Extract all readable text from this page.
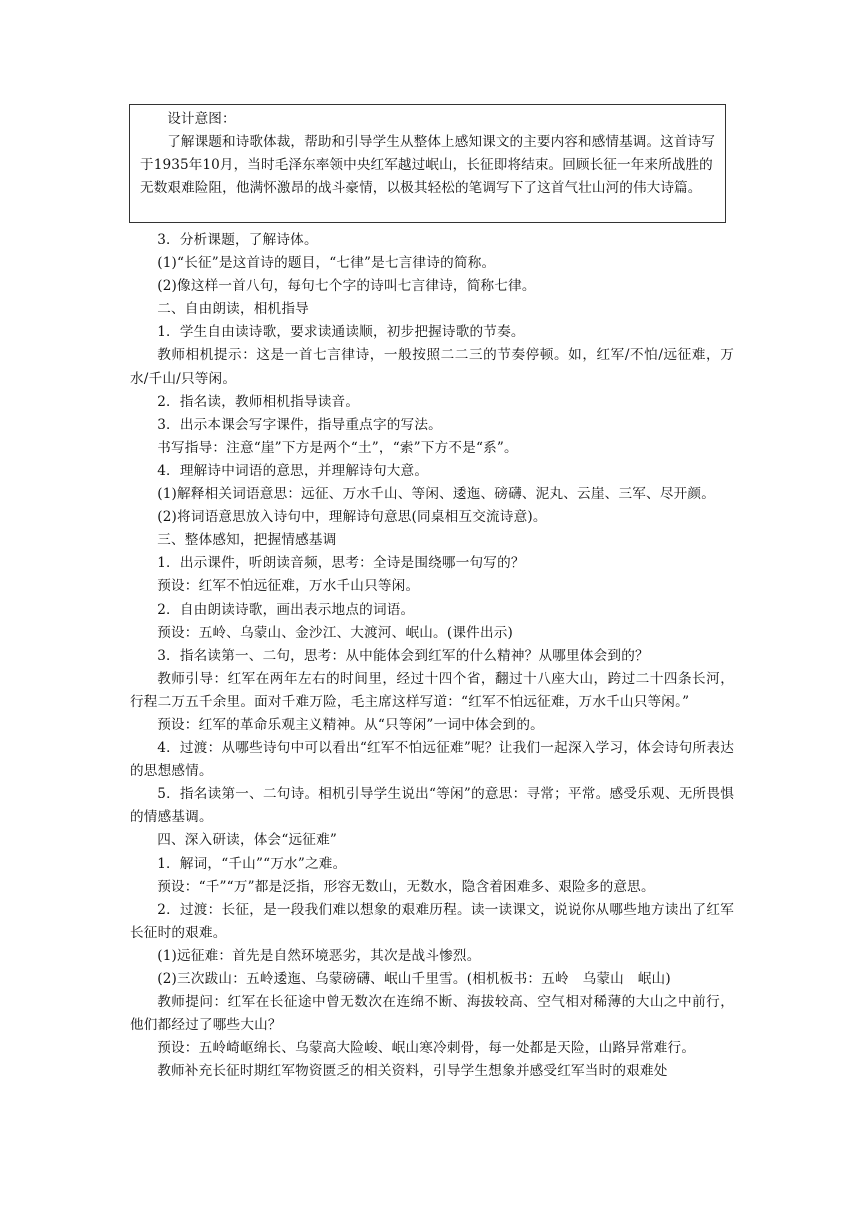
设计意图：

了解课题和诗歌体裁，帮助和引导学生从整体上感知课文的主要内容和感情基调。这首诗写于1935年10月，当时毛泽东率领中央红军越过岷山，长征即将结束。回顾长征一年来所战胜的无数艰难险阻，他满怀激昂的战斗豪情，以极其轻松的笔调写下了这首气壮山河的伟大诗篇。

3．分析课题，了解诗体。

(1)“长征”是这首诗的题目，“七律”是七言律诗的简称。

(2)像这样一首八句，每句七个字的诗叫七言律诗，简称七律。

二、自由朗读，相机指导

1．学生自由读诗歌，要求读通读顺，初步把握诗歌的节奏。

教师相机提示：这是一首七言律诗，一般按照二二三的节奏停顿。如，红军/不怕/远征难，万水/千山/只等闲。

2．指名读，教师相机指导读音。

3．出示本课会写字课件，指导重点字的写法。

书写指导：注意“崖”下方是两个“土”，“索”下方不是“系”。

4．理解诗中词语的意思，并理解诗句大意。

(1)解释相关词语意思：远征、万水千山、等闲、逶迤、磅礴、泥丸、云崖、三军、尽开颜。

(2)将词语意思放入诗句中，理解诗句意思(同桌相互交流诗意)。

三、整体感知，把握情感基调

1．出示课件，听朗读音频，思考：全诗是围绕哪一句写的？

预设：红军不怕远征难，万水千山只等闲。

2．自由朗读诗歌，画出表示地点的词语。

预设：五岭、乌蒙山、金沙江、大渡河、岷山。(课件出示)

3．指名读第一、二句，思考：从中能体会到红军的什么精神？从哪里体会到的？

教师引导：红军在两年左右的时间里，经过十四个省，翻过十八座大山，跨过二十四条长河，行程二万五千余里。面对千难万险，毛主席这样写道：“红军不怕远征难，万水千山只等闲。”

预设：红军的革命乐观主义精神。从“只等闲”一词中体会到的。

4．过渡：从哪些诗句中可以看出“红军不怕远征难”呢？让我们一起深入学习，体会诗句所表达的思想感情。

5．指名读第一、二句诗。相机引导学生说出“等闲”的意思：寻常；平常。感受乐观、无所畏惧的情感基调。

四、深入研读，体会“远征难”

1．解词，“千山”“万水”之难。

预设：“千”“万”都是泛指，形容无数山，无数水，隐含着困难多、艰险多的意思。

2．过渡：长征，是一段我们难以想象的艰难历程。读一读课文，说说你从哪些地方读出了红军长征时的艰难。

(1)远征难：首先是自然环境恶劣，其次是战斗惨烈。

(2)三次跋山：五岭逶迤、乌蒙磅礴、岷山千里雪。(相机板书：五岭　乌蒙山　岷山)

教师提问：红军在长征途中曾无数次在连绵不断、海拔较高、空气相对稀薄的大山之中前行，他们都经过了哪些大山？

预设：五岭崎岖绵长、乌蒙高大险峻、岷山寒冷刺骨，每一处都是天险，山路异常难行。

教师补充长征时期红军物资匮乏的相关资料，引导学生想象并感受红军当时的艰难处
